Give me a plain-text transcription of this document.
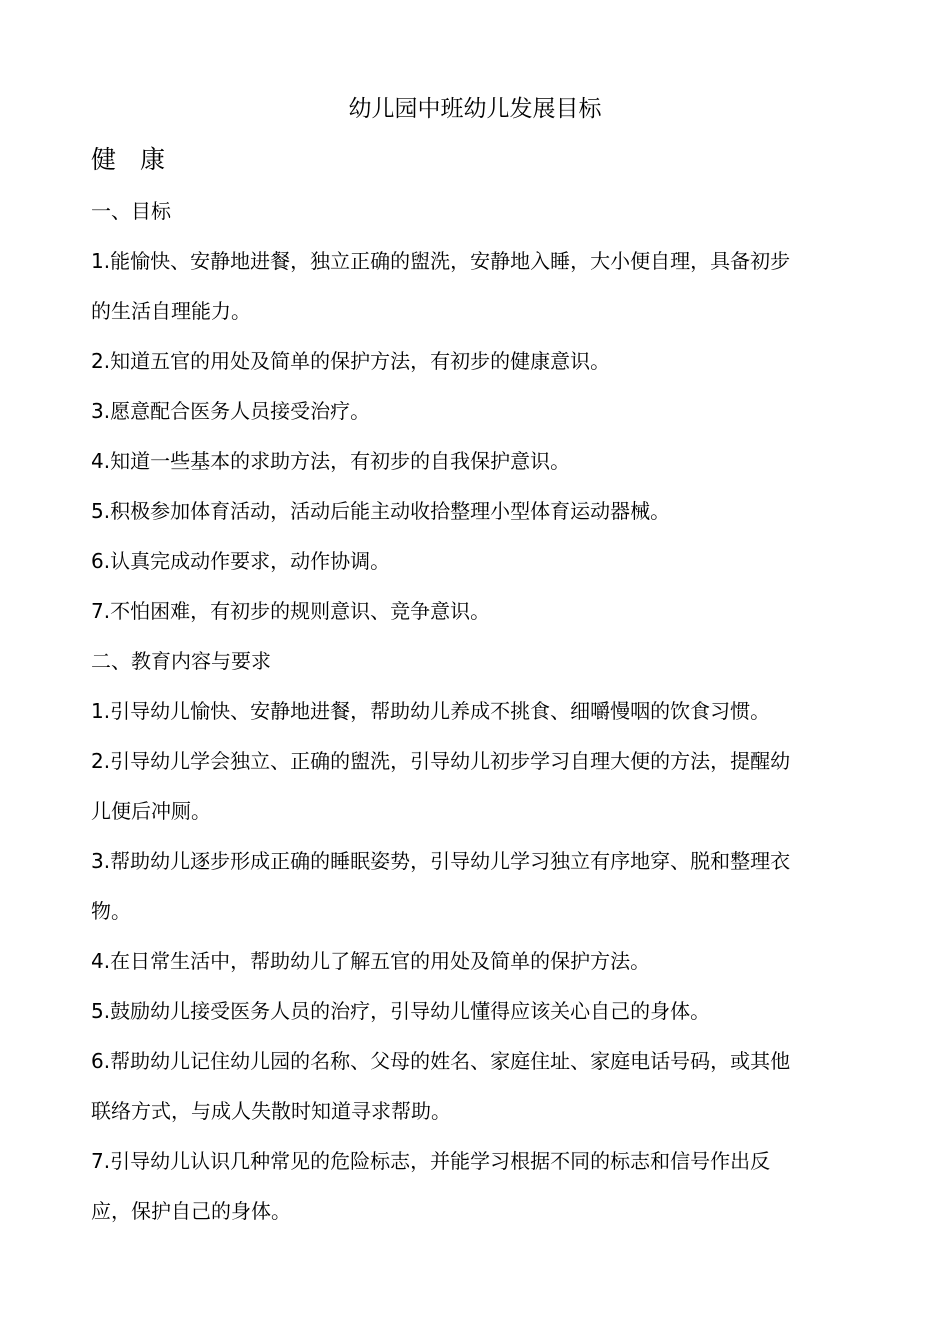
幼儿园中班幼儿发展目标
健 康
一、目标
1.能愉快、安静地进餐，独立正确的盥洗，安静地入睡，大小便自理，具备初步
的生活自理能力。
2.知道五官的用处及简单的保护方法，有初步的健康意识。
3.愿意配合医务人员接受治疗。
4.知道一些基本的求助方法，有初步的自我保护意识。
5.积极参加体育活动，活动后能主动收拾整理小型体育运动器械。
6.认真完成动作要求，动作协调。
7.不怕困难，有初步的规则意识、竞争意识。
二、教育内容与要求
1.引导幼儿愉快、安静地进餐，帮助幼儿养成不挑食、细嚼慢咽的饮食习惯。
2.引导幼儿学会独立、正确的盥洗，引导幼儿初步学习自理大便的方法，提醒幼
儿便后冲厕。
3.帮助幼儿逐步形成正确的睡眠姿势，引导幼儿学习独立有序地穿、脱和整理衣
物。
4.在日常生活中，帮助幼儿了解五官的用处及简单的保护方法。
5.鼓励幼儿接受医务人员的治疗，引导幼儿懂得应该关心自己的身体。
6.帮助幼儿记住幼儿园的名称、父母的姓名、家庭住址、家庭电话号码，或其他
联络方式，与成人失散时知道寻求帮助。
7.引导幼儿认识几种常见的危险标志，并能学习根据不同的标志和信号作出反
应，保护自己的身体。
